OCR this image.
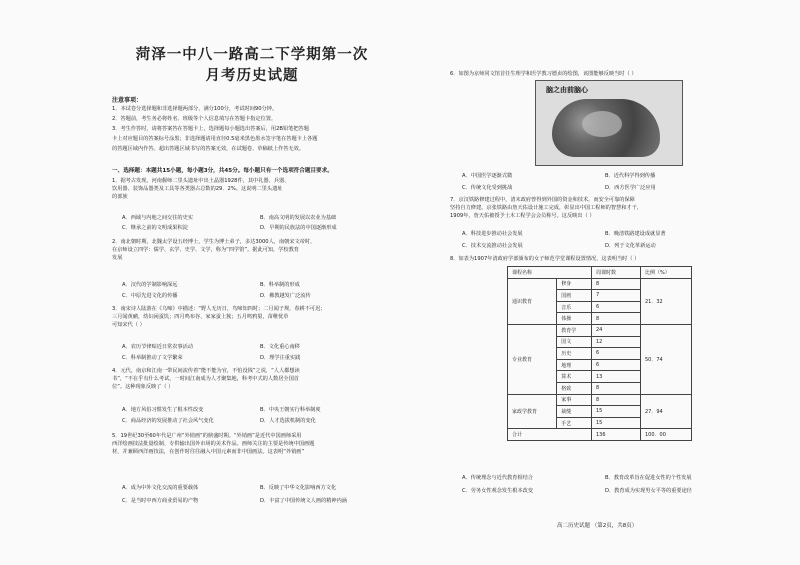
菏泽一中八一路高二下学期第一次月考历史试题
注意事项：
1．本试卷分选择题和非选择题两部分，满分100分，考试时间90分钟。
2．答题前，考生务必将姓名、班级等个人信息填写在答题卡指定位置。
3．考生作答时，请将答案答在答题卡上，选择题每小题选出答案后，用2B铅笔把答题
卡上对应题目的答案标号涂黑；非选择题请用直径0.5毫米黑色墨水签字笔在答题卡上各题
的答题区域内作答。超出答题区域书写的答案无效，在试题卷、草稿纸上作答无效。
一、选择题：本题共15小题，每小题3分，共45分。每小题只有一个选项符合题目要求。
1．据考古发现，河南偃师二里头遗址中出土晶器1928件，其中礼器、兵器、
饮用器、装饰品器类及工具等各类器占总数的29．2%。这说明二里头遗址
的部族
A．西域与内地之间交往的史实	B．南高文明的发展以农业为基础
C．继承之前的文明成果积淀	D．早期的民族法的中国逐渐形成
2．南北朝时期，北魏太学设五经博士，学生为博士弟子，多达3000人，南朝宋文帝时，
在京师设立四学：儒学、玄学、史学、文学，称为“四学馆”。据此可知，学校教育
发展
A．汉代的学制影响深远	B．科举制的形成
C．中原先进文化的传播	D．佛教越发广泛流传
3．南宋诗人陆游在《乌啼》中描述：“野人无历日，鸟啼知四时；二月闻子规，春耕不可迟；
三月闻黄鹂，幼妇闲蚕饥；四月鸣布谷，家家蚕上簇；五月鸣鸦舅，苗稚忧草
可知宋代（ ）
A．农历节律贴近日常农事活动	B．文化重心南移
C．科举制推动了文学繁荣	D．理学注重实践
4．元代，南京和江南一带民间流传着“能不能为官，不怕没钱”之说，“人人都想读
书”，“不在乎有什么考试，一时间江南成为人才聚集地，科考中式的人数居全国首
位”。这种现象反映了（ ）
A．地方风俗习惯发生了根本性改变	B．中央王朝实行科举制度
C．商品经济的发展推动了社会风气变化	D．人才选拔机制的变化
5．19世纪30至60年代是广州“外销画”的鼎盛时期。“外销画”是近代中国画师采用
西洋绘画技法批量绘制、专供输出国外市场的美术作品。画师关注的主要是传统中国画题
材，并兼顾西洋画技法，在创作时往往融入中国元素而非中国画法。这表明“外销画”
A．成为中外文化交流的重要载体	B．反映了中华文化影响西方文化
C．是当时中西方商业贸易的产物	D．丰富了中国传统文人画的精神内涵
6．如图为京师同文馆首任生理学和医学教习德贞的绘图，该图能够反映当时（ ）
脑之由前脑心
A．中国医学逐渐式微	B．近代科学得到传播
C．传统文化受到挑战	D．西方医学广泛应用
7．京汉铁路修建过程中，清末政府曾得到外国的资金和技术，而安全可靠的保障
坚持自力修建。京张铁路由詹天佑设计施工完成，彰显出中国工程师的智慧和才干，
1909年，詹天佑被授予土木工程学会会员称号。这反映出（ ）
A．科技进步推动社会发展	B．晚清铁路建设成就显著
C．技术交流推动社会发展	D．列于文化革新运动
8．如表为1907年清政府学部颁布的女子师范学堂课程设置情况，这表明当时（ ）
课程名称		周课时数	比例（%）
通识教育	修身	8	21．32
	国画	7	
	音乐	6	
	体操	8	
专业教育	教育学	24	50．74
	国文	12	
	历史	6	
	地理	6	
	算术	13	
	格致	8	
家政学教育	家事	8	27．94
	裁缝	15	
	手艺	15	
合计		136	100．00
A．传统理念与近代教育相结合	B．教育改革旨在促进女性的个性发展
C．劳务女性观念发生根本改变	D．教育成为实现男女平等的重要途径
高二历史试题 （第2页，共8页）
